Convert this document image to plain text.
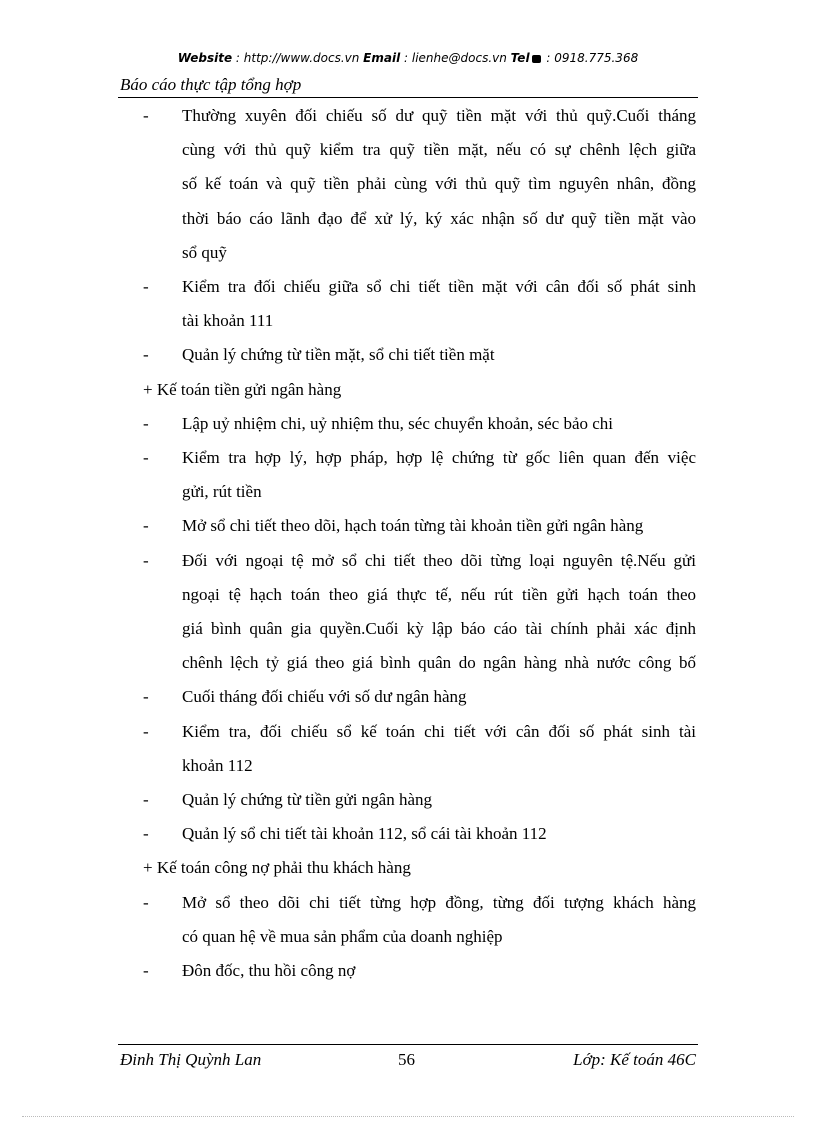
Website : http://www.docs.vn Email : lienhe@docs.vn Tel : 0918.775.368
Báo cáo thực tập tổng hợp
- Thường xuyên đối chiếu số dư quỹ tiền mặt với thủ quỹ.Cuối tháng
cùng với thủ quỹ kiểm tra quỹ tiền mặt, nếu có sự chênh lệch giữa
số kế toán và quỹ tiền phải cùng với thủ quỹ tìm nguyên nhân, đồng
thời báo cáo lãnh đạo để xử lý, ký xác nhận số dư quỹ tiền mặt vào
sổ quỹ
- Kiểm tra đối chiếu giữa sổ chi tiết tiền mặt với cân đối số phát sinh
tài khoản 111
- Quản lý chứng từ tiền mặt, sổ chi tiết tiền mặt
+ Kế toán tiền gửi ngân hàng
- Lập uỷ nhiệm chi, uỷ nhiệm thu, séc chuyển khoản, séc bảo chi
- Kiểm tra hợp lý, hợp pháp, hợp lệ chứng từ gốc liên quan đến việc
gửi, rút tiền
- Mở sổ chi tiết theo dõi, hạch toán từng tài khoản tiền gửi ngân hàng
- Đối với ngoại tệ mở sổ chi tiết theo dõi từng loại nguyên tệ.Nếu gửi
ngoại tệ hạch toán theo giá thực tế, nếu rút tiền gửi hạch toán theo
giá bình quân gia quyền.Cuối kỳ lập báo cáo tài chính phải xác định
chênh lệch tỷ giá theo giá bình quân do ngân hàng nhà nước công bố
- Cuối tháng đối chiếu với số dư ngân hàng
- Kiểm tra, đối chiếu sổ kế toán chi tiết với cân đối số phát sinh tài
khoản 112
- Quản lý chứng từ tiền gửi ngân hàng
- Quản lý sổ chi tiết tài khoản 112, sổ cái tài khoản 112
+ Kế toán công nợ phải thu khách hàng
- Mở sổ theo dõi chi tiết từng hợp đồng, từng đối tượng khách hàng
có quan hệ về mua sản phẩm của doanh nghiệp
- Đôn đốc, thu hồi công nợ
Đinh Thị Quỳnh Lan	56	Lớp: Kế toán 46C
